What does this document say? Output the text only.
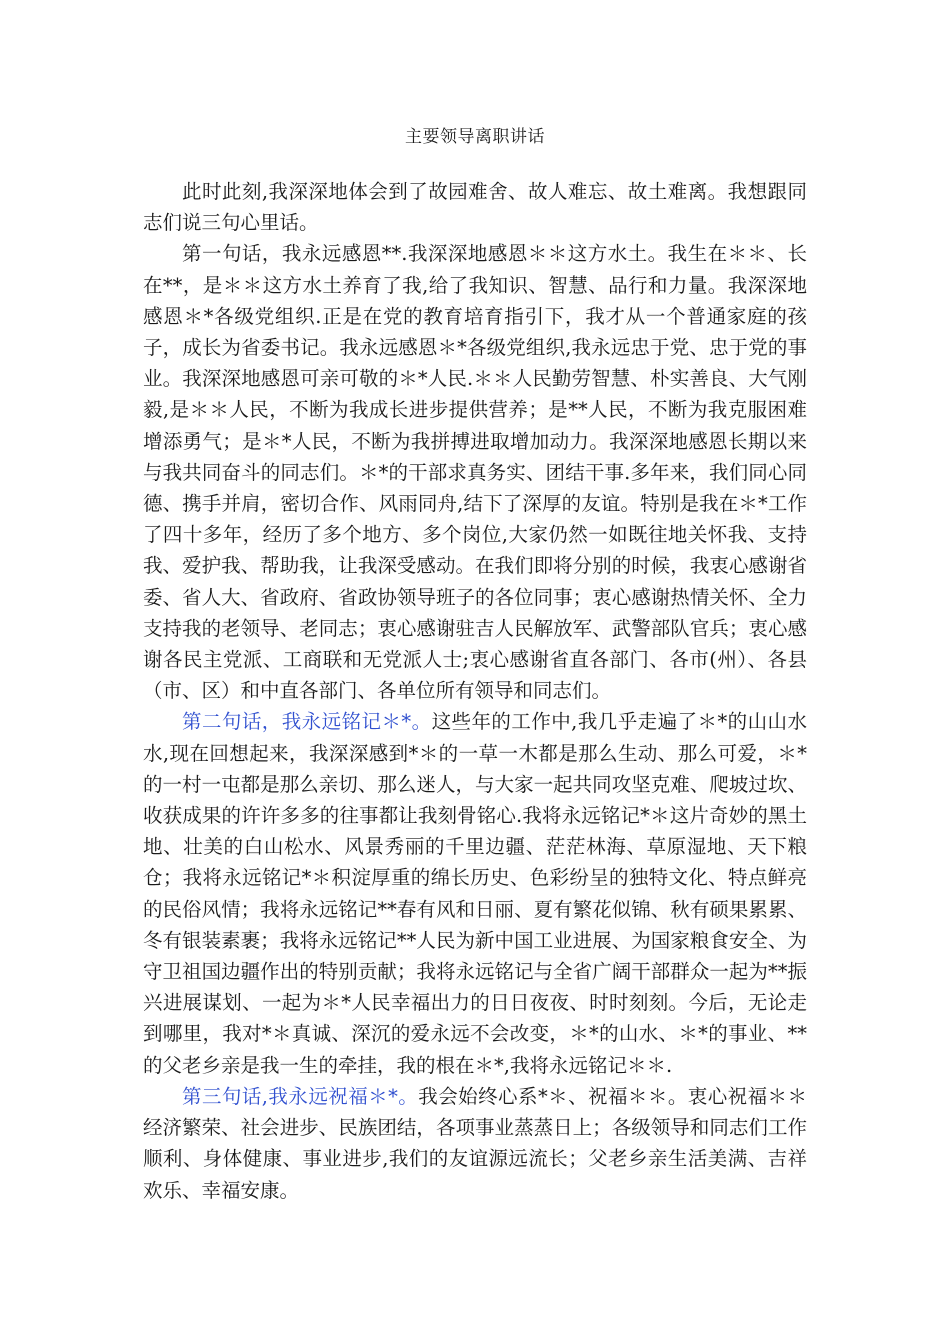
主要领导离职讲话

此时此刻,我深深地体会到了故园难舍、故人难忘、故土难离。我想跟同志们说三句心里话。

第一句话，我永远感恩**.我深深地感恩＊＊这方水土。我生在＊＊、长在**，是＊＊这方水土养育了我,给了我知识、智慧、品行和力量。我深深地感恩＊*各级党组织.正是在党的教育培育指引下，我才从一个普通家庭的孩子，成长为省委书记。我永远感恩＊*各级党组织,我永远忠于党、忠于党的事业。我深深地感恩可亲可敬的＊*人民.＊＊人民勤劳智慧、朴实善良、大气刚毅,是＊＊人民，不断为我成长进步提供营养；是**人民，不断为我克服困难增添勇气；是＊*人民，不断为我拼搏进取增加动力。我深深地感恩长期以来与我共同奋斗的同志们。＊*的干部求真务实、团结干事.多年来，我们同心同德、携手并肩，密切合作、风雨同舟,结下了深厚的友谊。特别是我在＊*工作了四十多年，经历了多个地方、多个岗位,大家仍然一如既往地关怀我、支持我、爱护我、帮助我，让我深受感动。在我们即将分别的时候，我衷心感谢省委、省人大、省政府、省政协领导班子的各位同事；衷心感谢热情关怀、全力支持我的老领导、老同志；衷心感谢驻吉人民解放军、武警部队官兵；衷心感谢各民主党派、工商联和无党派人士;衷心感谢省直各部门、各市(州）、各县（市、区）和中直各部门、各单位所有领导和同志们。

第二句话，我永远铭记＊*。这些年的工作中,我几乎走遍了＊*的山山水水,现在回想起来，我深深感到*＊的一草一木都是那么生动、那么可爱，＊*的一村一屯都是那么亲切、那么迷人，与大家一起共同攻坚克难、爬坡过坎、收获成果的许许多多的往事都让我刻骨铭心.我将永远铭记*＊这片奇妙的黑土地、壮美的白山松水、风景秀丽的千里边疆、茫茫林海、草原湿地、天下粮仓；我将永远铭记*＊积淀厚重的绵长历史、色彩纷呈的独特文化、特点鲜亮的民俗风情；我将永远铭记**春有风和日丽、夏有繁花似锦、秋有硕果累累、冬有银装素裹；我将永远铭记**人民为新中国工业进展、为国家粮食安全、为守卫祖国边疆作出的特别贡献；我将永远铭记与全省广阔干部群众一起为**振兴进展谋划、一起为＊*人民幸福出力的日日夜夜、时时刻刻。今后，无论走到哪里，我对*＊真诚、深沉的爱永远不会改变，＊*的山水、＊*的事业、**的父老乡亲是我一生的牵挂，我的根在＊*,我将永远铭记＊＊.

第三句话,我永远祝福＊*。我会始终心系*＊、祝福＊＊。衷心祝福＊＊经济繁荣、社会进步、民族团结，各项事业蒸蒸日上；各级领导和同志们工作顺利、身体健康、事业进步,我们的友谊源远流长；父老乡亲生活美满、吉祥欢乐、幸福安康。
